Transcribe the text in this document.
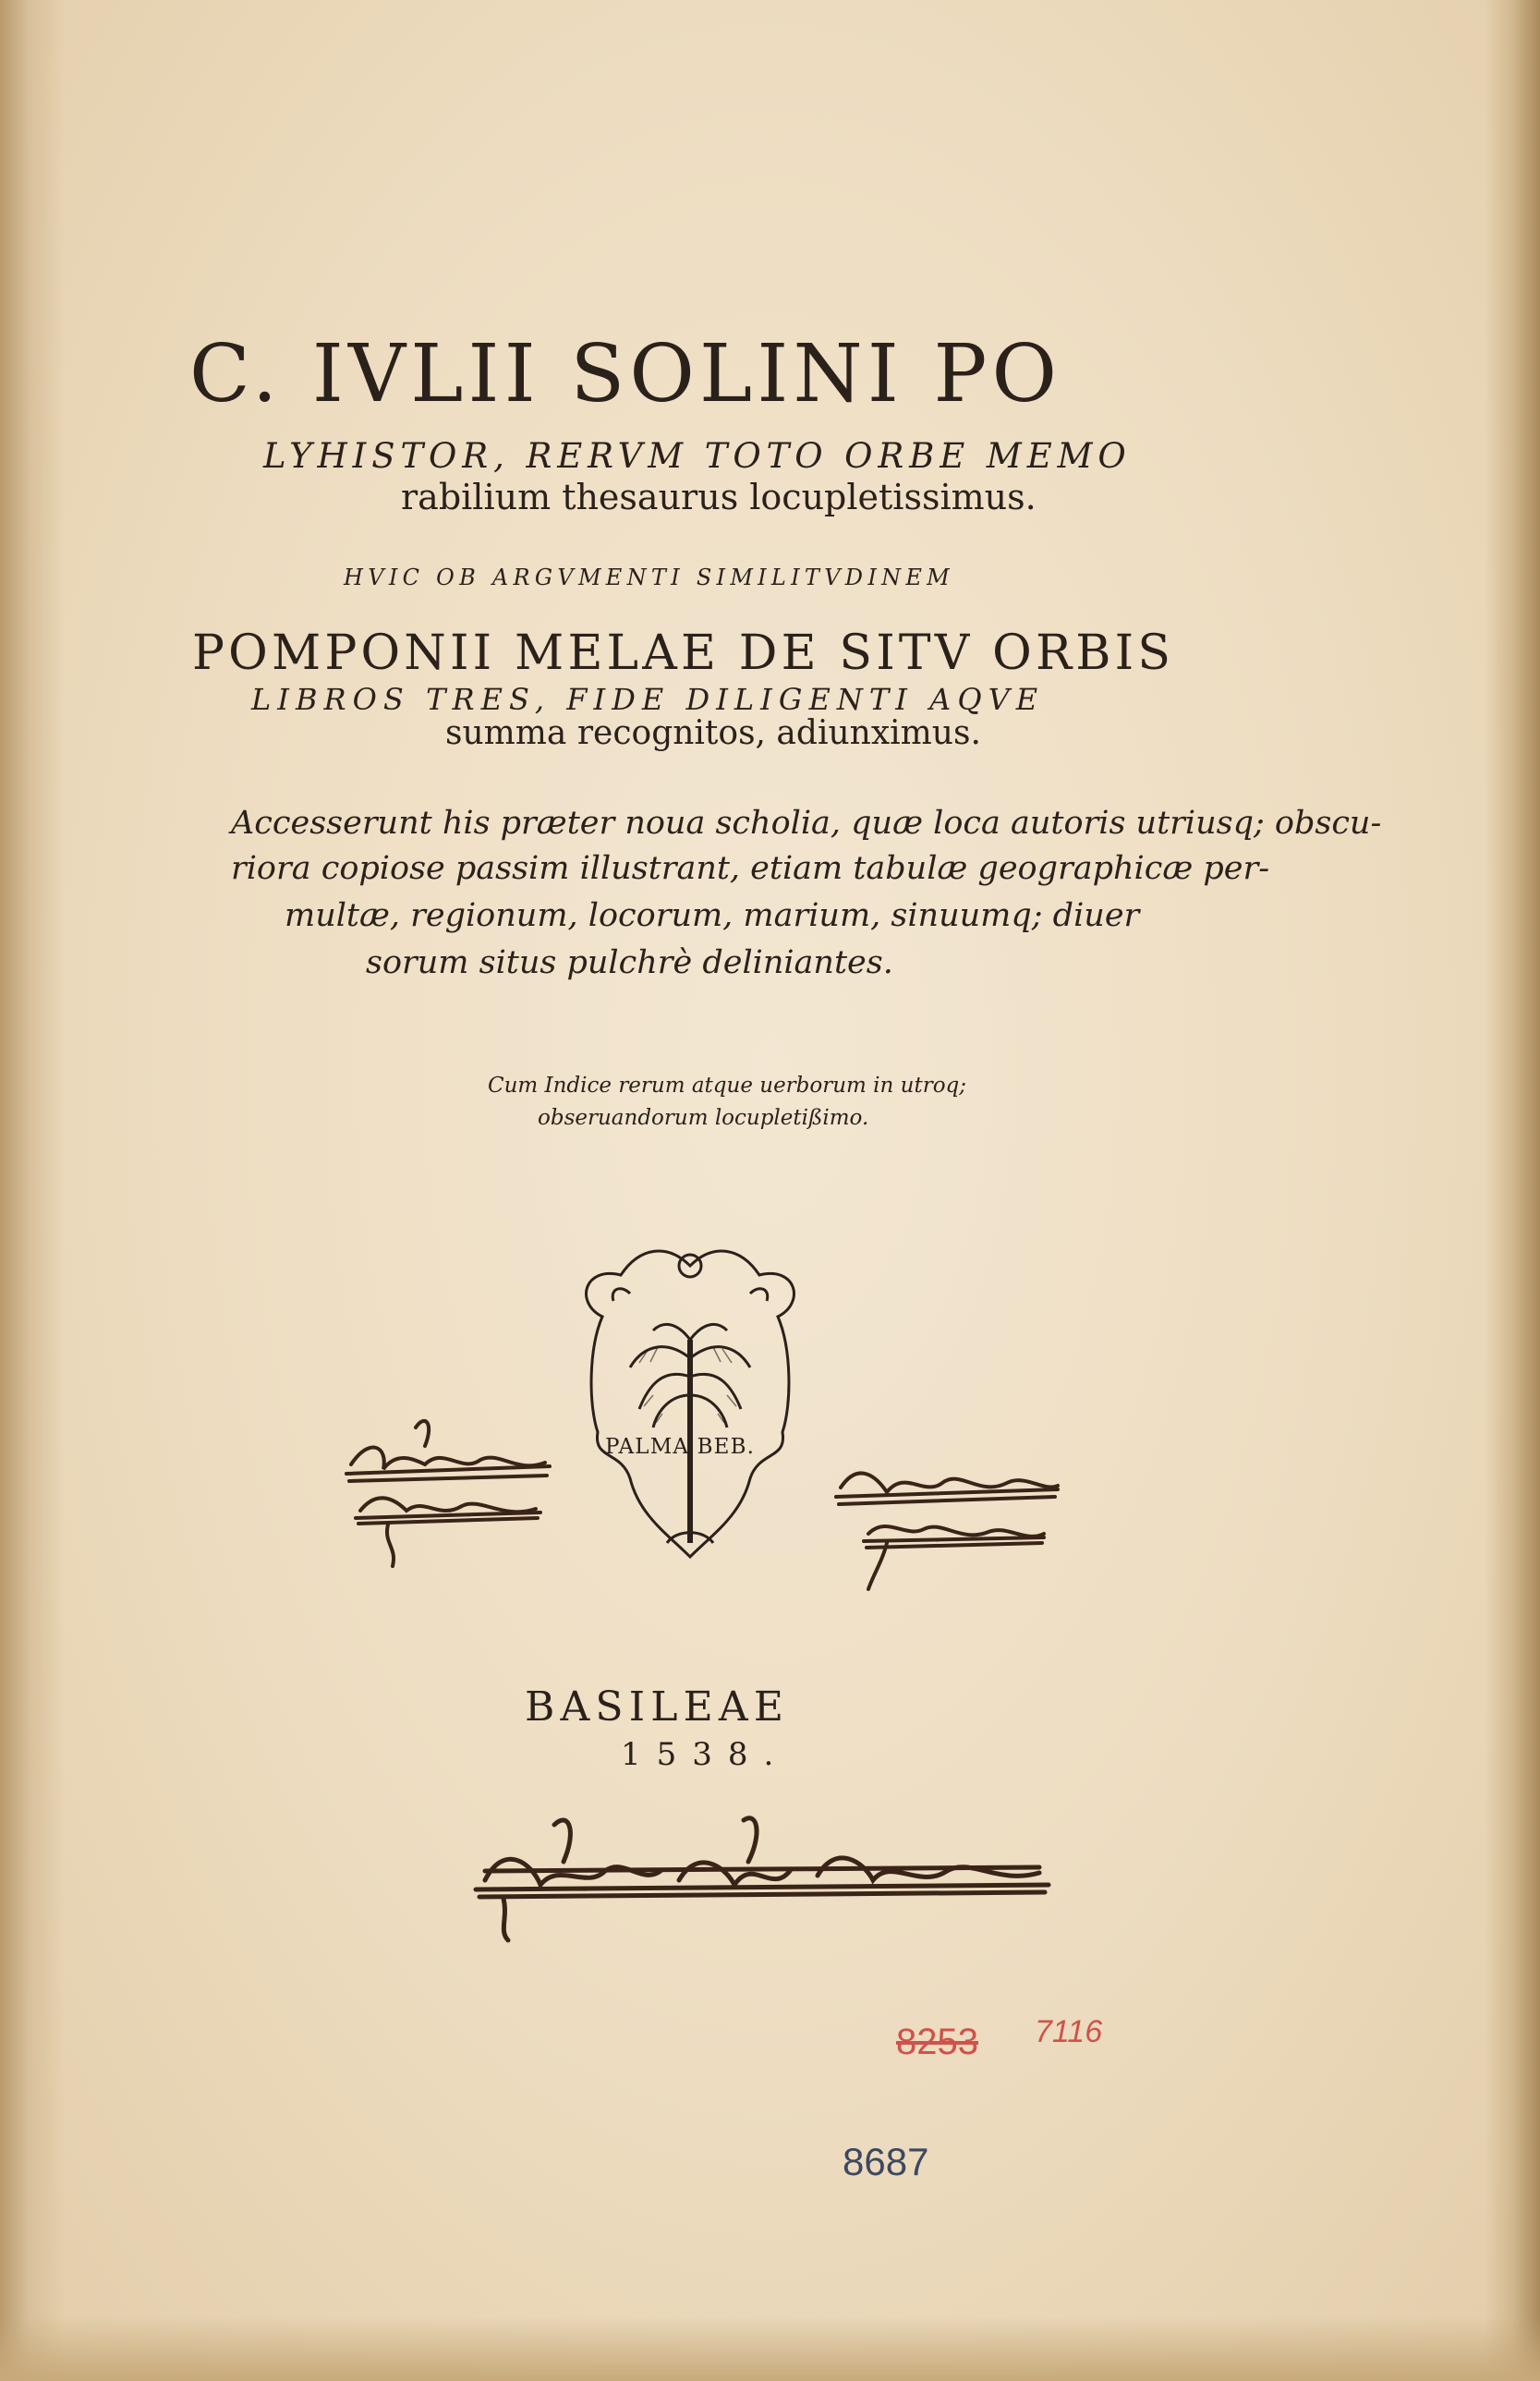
C. IVLII SOLINI PO
LYHISTOR, RERVM TOTO ORBE MEMO
rabilium thesaurus locupletissimus.
HVIC OB ARGVMENTI SIMILITVDINEM
POMPONII MELAE DE SITV ORBIS
LIBROS TRES, FIDE DILIGENTI AQVE
summa recognitos, adiunximus.
Accesserunt his præter noua scholia, quæ loca autoris utriusq; obscu-
riora copiose passim illustrant, etiam tabulæ geographicæ per-
multæ, regionum, locorum, marium, sinuumq; diuer
sorum situs pulchrè deliniantes.
Cum Indice rerum atque uerborum in utroq;
obseruandorum locupletißimo.
PALMA BEB.
BASILEAE
1538.
8253 7116
8687
